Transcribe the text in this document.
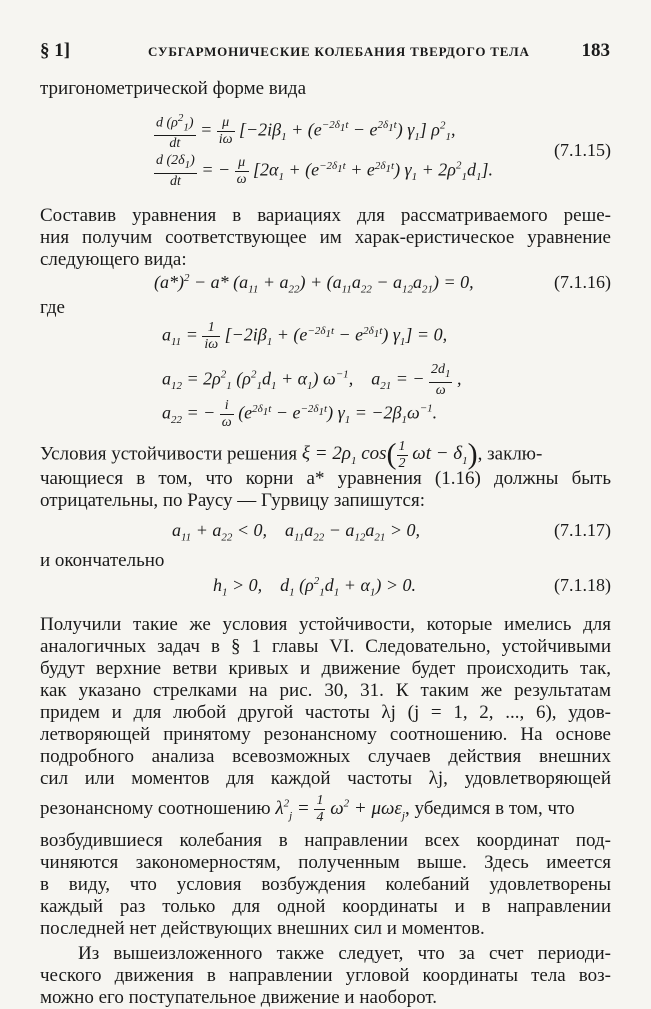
§ 1]	СУБГАРМОНИЧЕСКИЕ КОЛЕБАНИЯ ТВЕРДОГО ТЕЛА	183
тригонометрической форме вида
$\frac{d (\rho^2_1)}{dt} = \frac{\mu}{i\omega} [-2i\beta_1 + (e^{-2\delta_1t} - e^{2\delta_1t})$ $\gamma_1$] $\rho^2_1$,
(7.1.15)
$\frac{d (2\delta_1)}{dt}$ = − $\frac{\mu}{\omega} [2\alpha_1 + (e^{-2\delta_1t} + e^{2\delta_1t}) \gamma_1 + 2\rho^2_1d_1]$.
Составив уравнения в вариациях для рассматриваемого реше-
ния получим соответствующее им харак-еристическое уравнение
следующего вида:
$(a*)^2 - a*$ $(a_{11} + a_{22}) + (a_{11}a_{22} - a_{12}a_{21}) = 0$,	(7.1.16)
где
$a_{11} = \frac{1}{i\omega} [-2i\beta_1 + (e^{-2\delta_1t} - e^{2\delta_1t}) \gamma_1] = 0$,
$a_{12} = 2\rho^2_1$ $(\rho^2_1d_1 + \alpha_1)$ $\omega^{-1}$,    $a_{21}$ = − $\frac{2d_1}{\omega}$ ,
$a_{22}$ = − $\frac{i}{\omega} (e^{2\delta_1t} - e^{-2\delta_1t}) \gamma_1 = -2\beta_1\omega^{-1}$.
Условия устойчивости решения $\xi = 2\rho_1$ $\cos( \frac{1}{2}$ $\omega t - \delta_1$), заклю-
чающиеся в том, что корни a* уравнения (1.16) должны быть
отрицательны, по Раусу — Гурвицу запишутся:
$a_{11} + a_{22} < 0$,    $a_{11}a_{22} - a_{12}a_{21} > 0$,	(7.1.17)
и окончательно
$h_1 > 0$,    $d_1$ $(\rho^2_1d_1 + \alpha_1) > 0$.	(7.1.18)
Получили такие же условия устойчивости, которые имелись для
аналогичных задач в § 1 главы VI. Следовательно, устойчивыми
будут верхние ветви кривых и движение будет происходить так,
как указано стрелками на рис. 30, 31. К таким же результатам
придем и для любой другой частоты λj (j = 1, 2, ..., 6), удов-
летворяющей принятому резонансному соотношению. На основе
подробного анализа всевозможных случаев действия внешних
сил или моментов для каждой частоты λj, удовлетворяющей
резонансному соотношению $\lambda^2_j = \frac{1}{4} \omega^2 + \mu\omega\varepsilon_j$, убедимся в том, что
возбудившиеся колебания в направлении всех координат под-
чиняются закономерностям, полученным выше. Здесь имеется
в виду, что условия возбуждения колебаний удовлетворены
каждый раз только для одной координаты и в направлении
последней нет действующих внешних сил и моментов.
Из вышеизложенного также следует, что за счет периоди-
ческого движения в направлении угловой координаты тела воз-
можно его поступательное движение и наоборот.
